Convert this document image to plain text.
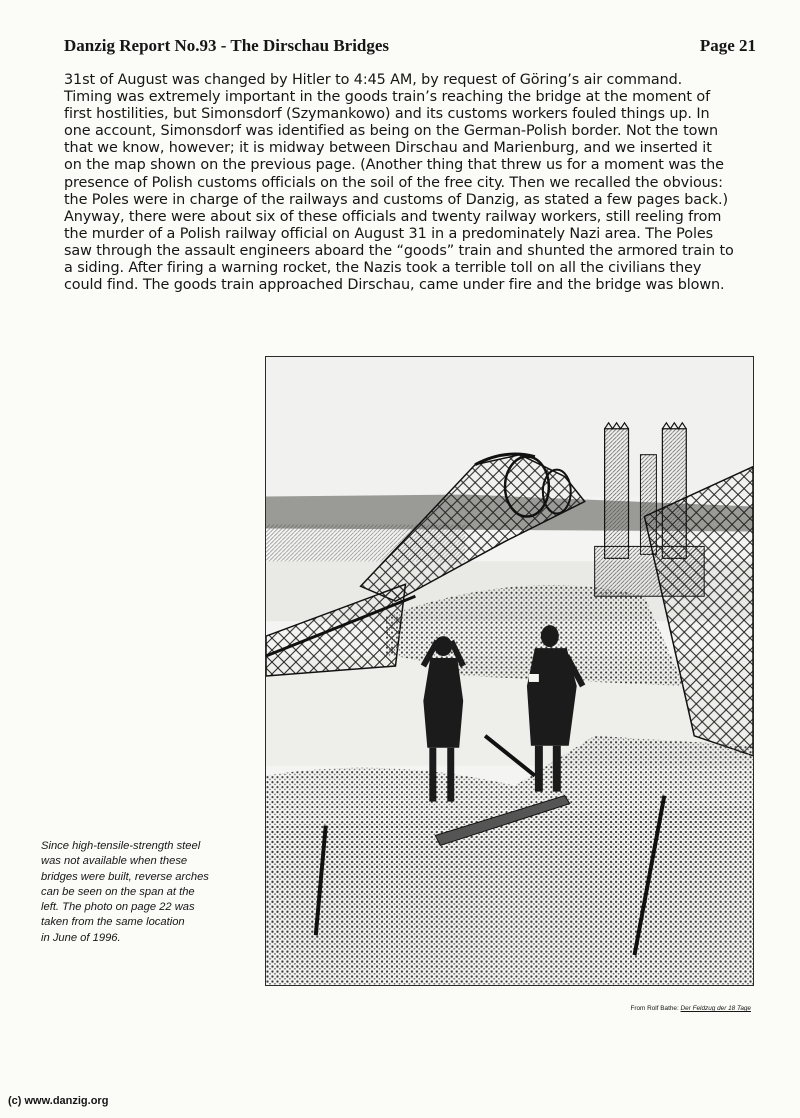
Danzig Report No.93 - The Dirschau Bridges	Page 21
31st of August was changed by Hitler to 4:45 AM, by request of Göring’s air command.
Timing was extremely important in the goods train’s reaching the bridge at the moment of
first hostilities, but Simonsdorf (Szymankowo) and its customs workers fouled things up. In
one account, Simonsdorf was identified as being on the German-Polish border. Not the town
that we know, however; it is midway between Dirschau and Marienburg, and we inserted it
on the map shown on the previous page. (Another thing that threw us for a moment was the
presence of Polish customs officials on the soil of the free city. Then we recalled the obvious:
the Poles were in charge of the railways and customs of Danzig, as stated a few pages back.)
Anyway, there were about six of these officials and twenty railway workers, still reeling from
the murder of a Polish railway official on August 31 in a predominately Nazi area. The Poles
saw through the assault engineers aboard the “goods” train and shunted the armored train to
a siding. After firing a warning rocket, the Nazis took a terrible toll on all the civilians they
could find. The goods train approached Dirschau, came under fire and the bridge was blown.
Since high-tensile-strength steel
was not available when these
bridges were built, reverse arches
can be seen on the span at the
left. The photo on page 22 was
taken from the same location
in June of 1996.
From Rolf Bathe: Der Feldzug der 18 Tage
(c) www.danzig.org
